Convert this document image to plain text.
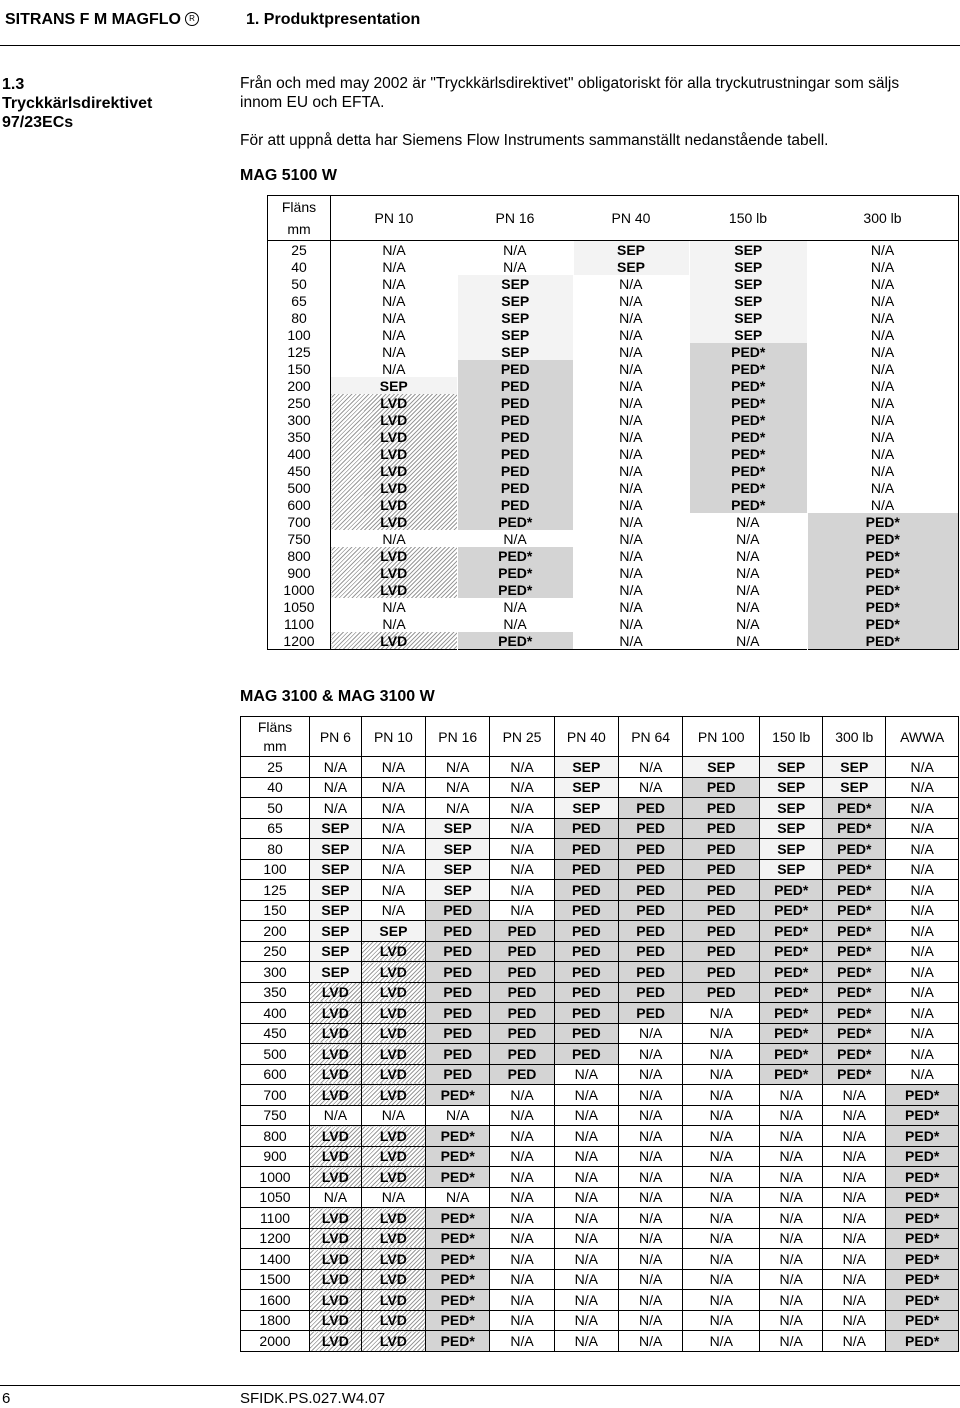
SITRANS F M MAGFLO R	1. Produktpresentation
1.3
Tryckkärlsdirektivet
97/23ECs
Från och med may 2002 är "Tryckkärlsdirektivet" obligatoriskt för alla tryckutrustningar som säljs
innom EU och EFTA.
För att uppnå detta har Siemens Flow Instruments sammanställt nedanstående tabell.
MAG 5100 W
Fläns	PN 10	PN 16	PN 40	150 lb	300 lb
mm					
25	N/A	N/A	SEP	SEP	N/A
40	N/A	N/A	SEP	SEP	N/A
50	N/A	SEP	N/A	SEP	N/A
65	N/A	SEP	N/A	SEP	N/A
80	N/A	SEP	N/A	SEP	N/A
100	N/A	SEP	N/A	SEP	N/A
125	N/A	SEP	N/A	PED*	N/A
150	N/A	PED	N/A	PED*	N/A
200	SEP	PED	N/A	PED*	N/A
250	LVD	PED	N/A	PED*	N/A
300	LVD	PED	N/A	PED*	N/A
350	LVD	PED	N/A	PED*	N/A
400	LVD	PED	N/A	PED*	N/A
450	LVD	PED	N/A	PED*	N/A
500	LVD	PED	N/A	PED*	N/A
600	LVD	PED	N/A	PED*	N/A
700	LVD	PED*	N/A	N/A	PED*
750	N/A	N/A	N/A	N/A	PED*
800	LVD	PED*	N/A	N/A	PED*
900	LVD	PED*	N/A	N/A	PED*
1000	LVD	PED*	N/A	N/A	PED*
1050	N/A	N/A	N/A	N/A	PED*
1100	N/A	N/A	N/A	N/A	PED*
1200	LVD	PED*	N/A	N/A	PED*
MAG 3100 & MAG 3100 W
Fläns	PN 6	PN 10	PN 16	PN 25	PN 40	PN 64	PN 100	150 lb	300 lb	AWWA
mm										
25	N/A	N/A	N/A	N/A	SEP	N/A	SEP	SEP	SEP	N/A
40	N/A	N/A	N/A	N/A	SEP	N/A	PED	SEP	SEP	N/A
50	N/A	N/A	N/A	N/A	SEP	PED	PED	SEP	PED*	N/A
65	SEP	N/A	SEP	N/A	PED	PED	PED	SEP	PED*	N/A
80	SEP	N/A	SEP	N/A	PED	PED	PED	SEP	PED*	N/A
100	SEP	N/A	SEP	N/A	PED	PED	PED	SEP	PED*	N/A
125	SEP	N/A	SEP	N/A	PED	PED	PED	PED*	PED*	N/A
150	SEP	N/A	PED	N/A	PED	PED	PED	PED*	PED*	N/A
200	SEP	SEP	PED	PED	PED	PED	PED	PED*	PED*	N/A
250	SEP	LVD	PED	PED	PED	PED	PED	PED*	PED*	N/A
300	SEP	LVD	PED	PED	PED	PED	PED	PED*	PED*	N/A
350	LVD	LVD	PED	PED	PED	PED	PED	PED*	PED*	N/A
400	LVD	LVD	PED	PED	PED	PED	N/A	PED*	PED*	N/A
450	LVD	LVD	PED	PED	PED	N/A	N/A	PED*	PED*	N/A
500	LVD	LVD	PED	PED	PED	N/A	N/A	PED*	PED*	N/A
600	LVD	LVD	PED	PED	N/A	N/A	N/A	PED*	PED*	N/A
700	LVD	LVD	PED*	N/A	N/A	N/A	N/A	N/A	N/A	PED*
750	N/A	N/A	N/A	N/A	N/A	N/A	N/A	N/A	N/A	PED*
800	LVD	LVD	PED*	N/A	N/A	N/A	N/A	N/A	N/A	PED*
900	LVD	LVD	PED*	N/A	N/A	N/A	N/A	N/A	N/A	PED*
1000	LVD	LVD	PED*	N/A	N/A	N/A	N/A	N/A	N/A	PED*
1050	N/A	N/A	N/A	N/A	N/A	N/A	N/A	N/A	N/A	PED*
1100	LVD	LVD	PED*	N/A	N/A	N/A	N/A	N/A	N/A	PED*
1200	LVD	LVD	PED*	N/A	N/A	N/A	N/A	N/A	N/A	PED*
1400	LVD	LVD	PED*	N/A	N/A	N/A	N/A	N/A	N/A	PED*
1500	LVD	LVD	PED*	N/A	N/A	N/A	N/A	N/A	N/A	PED*
1600	LVD	LVD	PED*	N/A	N/A	N/A	N/A	N/A	N/A	PED*
1800	LVD	LVD	PED*	N/A	N/A	N/A	N/A	N/A	N/A	PED*
2000	LVD	LVD	PED*	N/A	N/A	N/A	N/A	N/A	N/A	PED*
6	SFIDK.PS.027.W4.07
